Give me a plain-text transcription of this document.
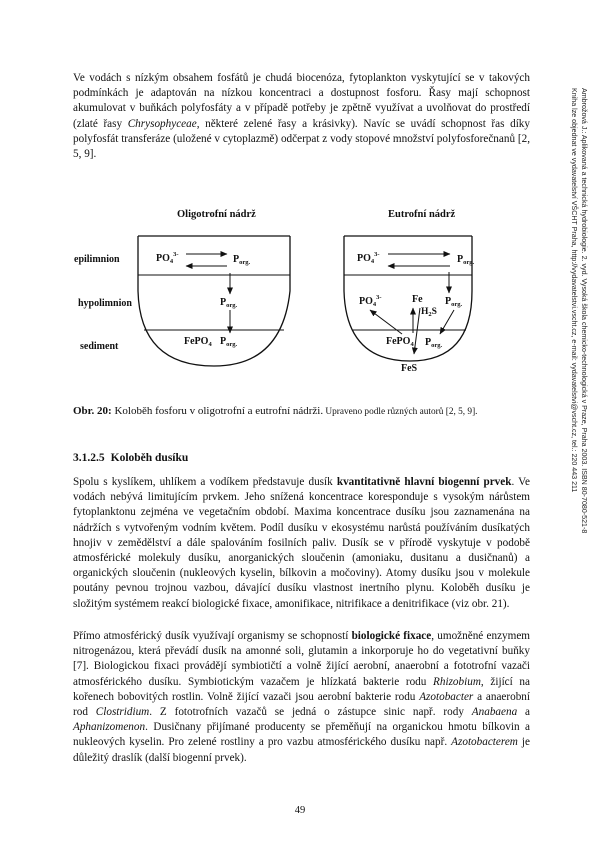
Ambrožová J.: Aplikovaná a technická hydrobiologie. 2. vyd. Vysoká škola chemicko-technologická v Praze, Praha 2003. ISBN 80-7080-521-8
Kniha lze objednat ve vydavatelství VŠCHT Praha, http://vydavatelstvi.vscht.cz, e-mail: vydavatelstvi@vscht.cz, tel.: 220 443 211

Ve vodách s nízkým obsahem fosfátů je chudá biocenóza, fytoplankton vyskytující se v takových podmínkách je adaptován na nízkou koncentraci a dostupnost fosforu. Řasy mají schopnost akumulovat v buňkách polyfosfáty a v případě potřeby je zpětně využívat a uvolňovat do prostředí (zlaté řasy Chrysophyceae, některé zelené řasy a krásivky). Navíc se uvádí schopnost řas díky polyfosfát transferáze (uložené v cytoplazmě) odčerpat z vody stopové množství polyfosforečnanů [2, 5, 9].

epilimnion
hypolimnion
sediment
Oligotrofní nádrž
$PO_4^{3-}$	$P_{org.}$
$P_{org.}$
FePO$_4$ $P_{org.}$
Eutrofní nádrž
$PO_4^{3-}$	$P_{org.}$
$PO_4^{3-}$	Fe
$H_2S$
$P_{org.}$
FePO$_4$ $P_{org.}$
FeS
Obr. 20: Koloběh fosforu v oligotrofní a eutrofní nádrži. Upraveno podle různých autorů [2, 5, 9].
3.1.2.5 Koloběh dusíku

Spolu s kyslíkem, uhlíkem a vodíkem představuje dusík kvantitativně hlavní biogenní prvek. Ve vodách nebývá limitujícím prvkem. Jeho snížená koncentrace koresponduje s vysokým nárůstem fytoplanktonu zejména ve vegetačním období. Maxima koncentrace dusíku jsou zaznamenána na nádržích s vytvořeným vodním květem. Podíl dusíku v ekosystému narůstá používáním dusíkatých hnojiv v zemědělství a dále spalováním fosilních paliv. Dusík se v přírodě vyskytuje v podobě atmosférické molekuly dusíku, anorganických sloučenin (amoniaku, dusitanu a dusičnanů) a organických sloučenin (nukleových kyselin, bílkovin a močoviny). Atomy dusíku jsou v molekule poutány pevnou trojnou vazbou, dávající dusíku vlastnost inertního plynu. Koloběh dusíku je složitým systémem reakcí biologické fixace, amonifikace, nitrifikace a denitrifikace (viz obr. 21).

Přímo atmosférický dusík využívají organismy se schopností biologické fixace, umožněné enzymem nitrogenázou, která převádí dusík na amonné soli, glutamin a inkorporuje ho do vegetativní buňky [7]. Biologickou fixaci provádějí symbiotičtí a volně žijící aerobní, anaerobní a fototrofní vazači atmosférického dusíku. Symbiotickým vazačem je hlízkatá bakterie rodu Rhizobium, žijící na kořenech bobovitých rostlin. Volně žijící vazači jsou aerobní bakterie rodu Azotobacter a anaerobní rod Clostridium. Z fototrofních vazačů se jedná o zástupce sinic např. rody Anabaena a Aphanizomenon. Dusičnany přijímané producenty se přeměňují na organickou hmotu bílkovin a nukleových kyselin. Pro zelené rostliny a pro vazbu atmosférického dusíku např. Azotobacterem je důležitý draslík (další biogenní prvek).

49
